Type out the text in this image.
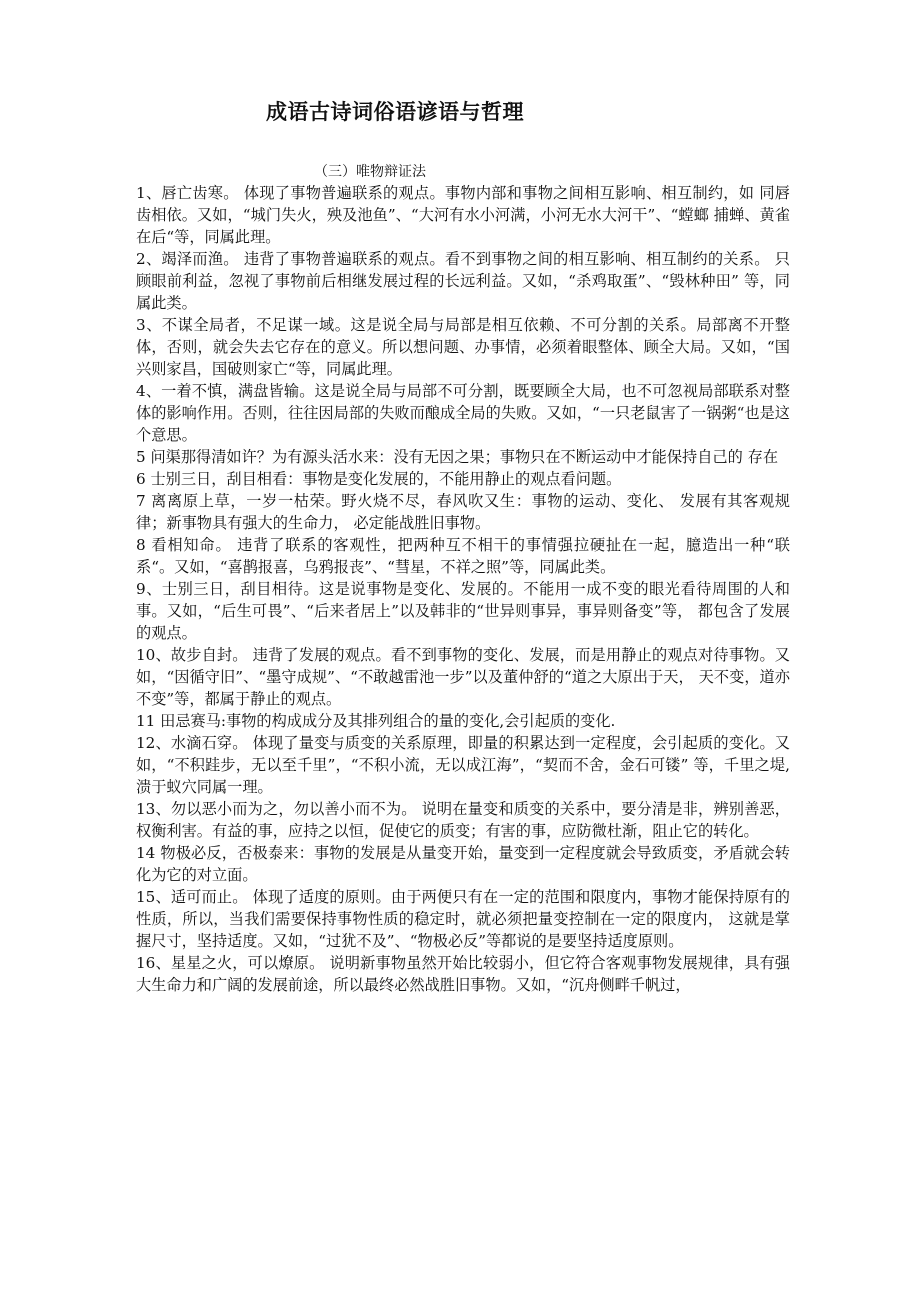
成语古诗词俗语谚语与哲理
（三）唯物辩证法

1、唇亡齿寒。 体现了事物普遍联系的观点。事物内部和事物之间相互影响、相互制约，如 同唇齿相依。又如，“城门失火，殃及池鱼”、“大河有水小河满，小河无水大河干”、“螳螂 捕蝉、黄雀在后“等，同属此理。

2、竭泽而渔。 违背了事物普遍联系的观点。看不到事物之间的相互影响、相互制约的关系。 只顾眼前利益，忽视了事物前后相继发展过程的长远利益。又如，“杀鸡取蛋”、“毁林种田” 等，同属此类。

3、不谋全局者，不足谋一域。这是说全局与局部是相互依赖、不可分割的关系。局部离不开整体，否则，就会失去它存在的意义。所以想问题、办事情，必须着眼整体、顾全大局。又如，“国兴则家昌，国破则家亡“等，同属此理。

4、一着不慎，满盘皆输。这是说全局与局部不可分割，既要顾全大局，也不可忽视局部联系对整体的影响作用。否则，往往因局部的失败而酿成全局的失败。又如，“一只老鼠害了一锅粥“也是这个意思。

5 问渠那得清如许？为有源头活水来：没有无因之果；事物只在不断运动中才能保持自己的 存在

6 士别三日，刮目相看：事物是变化发展的，不能用静止的观点看问题。

7 离离原上草，一岁一枯荣。野火烧不尽，春风吹又生：事物的运动、变化、 发展有其客观规律；新事物具有强大的生命力， 必定能战胜旧事物。

8 看相知命。 违背了联系的客观性，把两种互不相干的事情强拉硬扯在一起，臆造出一种“联系“。又如，“喜鹊报喜，乌鸦报丧”、“彗星，不祥之照”等，同属此类。

9、士别三日，刮目相待。这是说事物是变化、发展的。不能用一成不变的眼光看待周围的人和事。又如，“后生可畏”、“后来者居上”以及韩非的“世异则事异，事异则备变”等， 都包含了发展的观点。

10、故步自封。 违背了发展的观点。看不到事物的变化、发展，而是用静止的观点对待事物。又如，“因循守旧”、“墨守成规”、“不敢越雷池一步”以及董仲舒的“道之大原出于天， 天不变，道亦不变”等，都属于静止的观点。

11 田忌赛马:事物的构成成分及其排列组合的量的变化,会引起质的变化.

12、水滴石穿。 体现了量变与质变的关系原理，即量的积累达到一定程度，会引起质的变化。又如，“不积跬步，无以至千里”，“不积小流，无以成江海”，“契而不舍，金石可镂” 等，千里之堤,溃于蚁穴同属一理。

13、勿以恶小而为之，勿以善小而不为。 说明在量变和质变的关系中，要分清是非，辨别善恶，权衡利害。有益的事，应持之以恒，促使它的质变；有害的事，应防微杜渐，阻止它的转化。

14 物极必反，否极泰来：事物的发展是从量变开始，量变到一定程度就会导致质变，矛盾就会转化为它的对立面。

15、适可而止。 体现了适度的原则。由于两便只有在一定的范围和限度内，事物才能保持原有的性质，所以，当我们需要保持事物性质的稳定时，就必须把量变控制在一定的限度内， 这就是掌握尺寸，坚持适度。又如，“过犹不及”、“物极必反”等都说的是要坚持适度原则。

16、星星之火，可以燎原。 说明新事物虽然开始比较弱小，但它符合客观事物发展规律，具有强大生命力和广阔的发展前途，所以最终必然战胜旧事物。又如，“沉舟侧畔千帆过，
